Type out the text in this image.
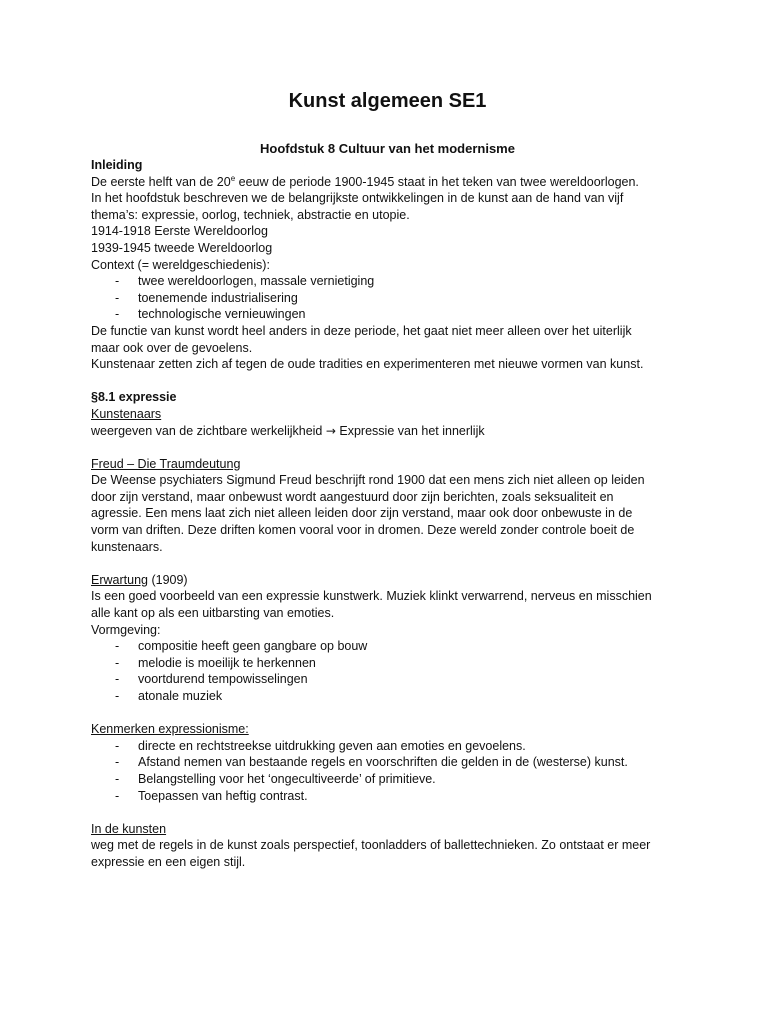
Kunst algemeen SE1
Hoofdstuk 8 Cultuur van het modernisme

Inleiding

De eerste helft van de 20e eeuw de periode 1900-1945 staat in het teken van twee wereldoorlogen.

In het hoofdstuk beschreven we de belangrijkste ontwikkelingen in de kunst aan de hand van vijf

thema’s: expressie, oorlog, techniek, abstractie en utopie.

1914-1918 Eerste Wereldoorlog

1939-1945 tweede Wereldoorlog

Context (= wereldgeschiedenis):

- twee wereldoorlogen, massale vernietiging
- toenemende industrialisering
- technologische vernieuwingen

De functie van kunst wordt heel anders in deze periode, het gaat niet meer alleen over het uiterlijk

maar ook over de gevoelens.

Kunstenaar zetten zich af tegen de oude tradities en experimenteren met nieuwe vormen van kunst.

§8.1 expressie

Kunstenaars

weergeven van de zichtbare werkelijkheid → Expressie van het innerlijk

Freud – Die Traumdeutung

De Weense psychiaters Sigmund Freud beschrijft rond 1900 dat een mens zich niet alleen op leiden

door zijn verstand, maar onbewust wordt aangestuurd door zijn berichten, zoals seksualiteit en

agressie. Een mens laat zich niet alleen leiden door zijn verstand, maar ook door onbewuste in de

vorm van driften. Deze driften komen vooral voor in dromen. Deze wereld zonder controle boeit de

kunstenaars.

Erwartung (1909)

Is een goed voorbeeld van een expressie kunstwerk. Muziek klinkt verwarrend, nerveus en misschien

alle kant op als een uitbarsting van emoties.

Vormgeving:

- compositie heeft geen gangbare op bouw
- melodie is moeilijk te herkennen
- voortdurend tempowisselingen
- atonale muziek

Kenmerken expressionisme:

- directe en rechtstreekse uitdrukking geven aan emoties en gevoelens.
- Afstand nemen van bestaande regels en voorschriften die gelden in de (westerse) kunst.
- Belangstelling voor het ‘ongecultiveerde’ of primitieve.
- Toepassen van heftig contrast.

In de kunsten

weg met de regels in de kunst zoals perspectief, toonladders of ballettechnieken. Zo ontstaat er meer

expressie en een eigen stijl.
